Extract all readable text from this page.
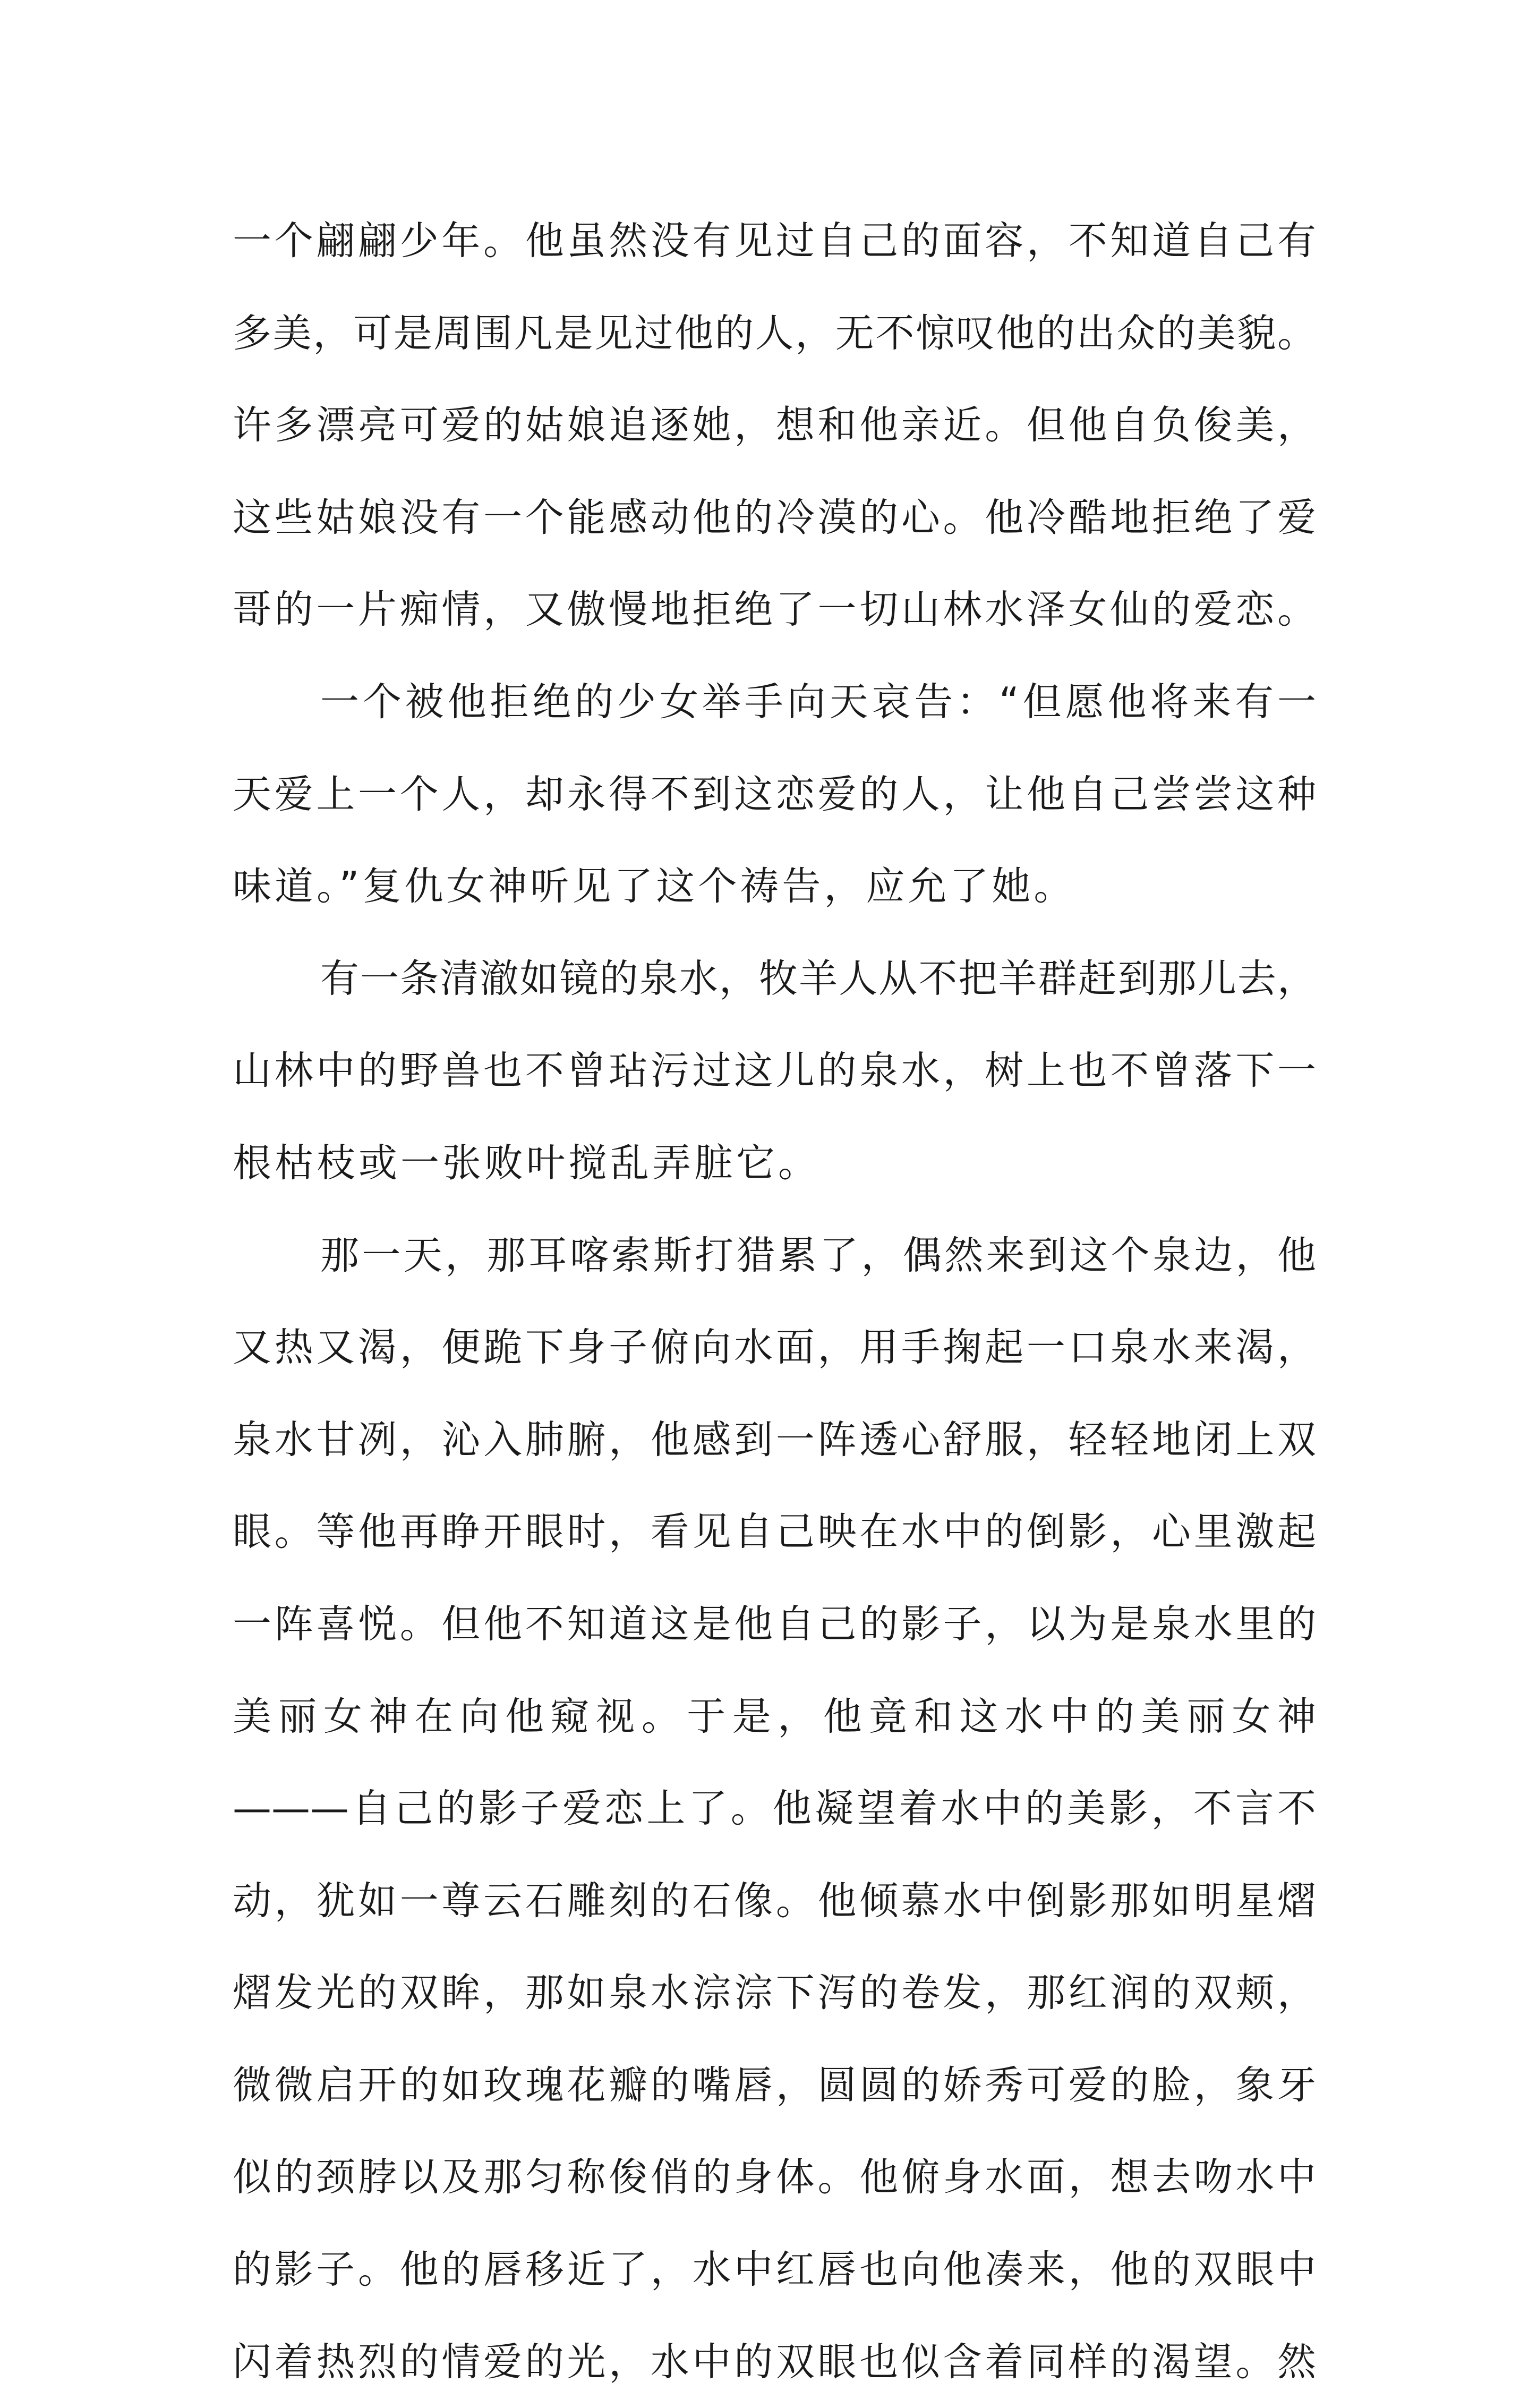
一个翩翩少年。他虽然没有见过自己的面容，不知道自己有
多美，可是周围凡是见过他的人，无不惊叹他的出众的美貌。
许多漂亮可爱的姑娘追逐她，想和他亲近。但他自负俊美，
这些姑娘没有一个能感动他的冷漠的心。他冷酷地拒绝了爱
哥的一片痴情，又傲慢地拒绝了一切山林水泽女仙的爱恋。
一个被他拒绝的少女举手向天哀告：“但愿他将来有一
天爱上一个人，却永得不到这恋爱的人，让他自己尝尝这种
味道。”复仇女神听见了这个祷告，应允了她。
有一条清澈如镜的泉水，牧羊人从不把羊群赶到那儿去，
山林中的野兽也不曾玷污过这儿的泉水，树上也不曾落下一
根枯枝或一张败叶搅乱弄脏它。
那一天，那耳喀索斯打猎累了，偶然来到这个泉边，他
又热又渴，便跪下身子俯向水面，用手掬起一口泉水来渴，
泉水甘冽，沁入肺腑，他感到一阵透心舒服，轻轻地闭上双
眼。等他再睁开眼时，看见自己映在水中的倒影，心里激起
一阵喜悦。但他不知道这是他自己的影子，以为是泉水里的
美丽女神在向他窥视。于是，他竟和这水中的美丽女神
———自己的影子爱恋上了。他凝望着水中的美影，不言不
动，犹如一尊云石雕刻的石像。他倾慕水中倒影那如明星熠
熠发光的双眸，那如泉水淙淙下泻的卷发，那红润的双颊，
微微启开的如玫瑰花瓣的嘴唇，圆圆的娇秀可爱的脸，象牙
似的颈脖以及那匀称俊俏的身体。他俯身水面，想去吻水中
的影子。他的唇移近了，水中红唇也向他凑来，他的双眼中
闪着热烈的情爱的光，水中的双眼也似含着同样的渴望。然
